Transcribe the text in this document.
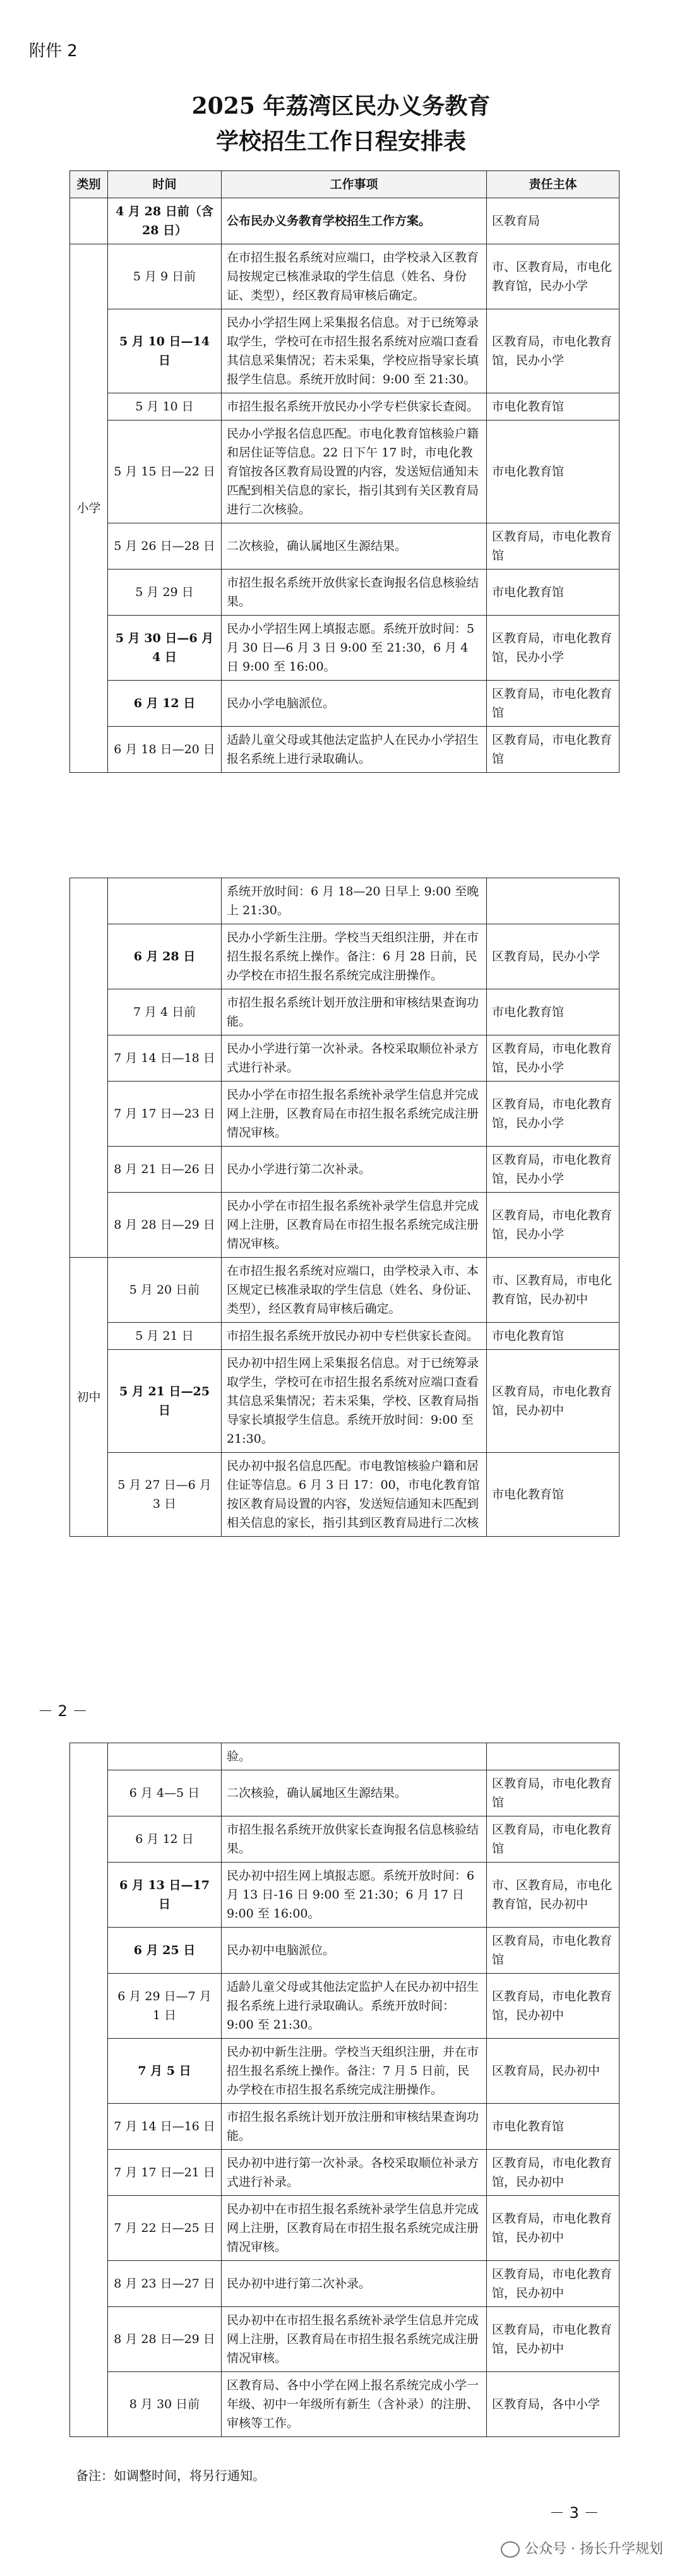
附件 2
2025 年荔湾区民办义务教育
学校招生工作日程安排表
类别	时间	工作事项	责任主体
	4 月 28 日前（含 28 日）	公布民办义务教育学校招生工作方案。	区教育局
小学	5 月 9 日前	在市招生报名系统对应端口，由学校录入区教育局按规定已核准录取的学生信息（姓名、身份证、类型），经区教育局审核后确定。	市、区教育局，市电化教育馆，民办小学
	5 月 10 日—14 日	民办小学招生网上采集报名信息。对于已统筹录取学生，学校可在市招生报名系统对应端口查看其信息采集情况；若未采集，学校应指导家长填报学生信息。系统开放时间：9:00 至 21:30。	区教育局，市电化教育馆，民办小学
	5 月 10 日	市招生报名系统开放民办小学专栏供家长查阅。	市电化教育馆
	5 月 15 日—22 日	民办小学报名信息匹配。市电化教育馆核验户籍和居住证等信息。22 日下午 17 时，市电化教育馆按各区教育局设置的内容，发送短信通知未匹配到相关信息的家长，指引其到有关区教育局进行二次核验。	市电化教育馆
	5 月 26 日—28 日	二次核验，确认属地区生源结果。	区教育局，市电化教育馆
	5 月 29 日	市招生报名系统开放供家长查询报名信息核验结果。	市电化教育馆
	5 月 30 日—6 月 4 日	民办小学招生网上填报志愿。系统开放时间：5 月 30 日—6 月 3 日 9:00 至 21:30，6 月 4 日 9:00 至 16:00。	区教育局，市电化教育馆，民办小学
	6 月 12 日	民办小学电脑派位。	区教育局，市电化教育馆
	6 月 18 日—20 日	适龄儿童父母或其他法定监护人在民办小学招生报名系统上进行录取确认。	区教育局，市电化教育馆
		系统开放时间：6 月 18—20 日早上 9:00 至晚上 21:30。	
	6 月 28 日	民办小学新生注册。学校当天组织注册，并在市招生报名系统上操作。备注：6 月 28 日前，民办学校在市招生报名系统完成注册操作。	区教育局，民办小学
	7 月 4 日前	市招生报名系统计划开放注册和审核结果查询功能。	市电化教育馆
	7 月 14 日—18 日	民办小学进行第一次补录。各校采取顺位补录方式进行补录。	区教育局，市电化教育馆，民办小学
	7 月 17 日—23 日	民办小学在市招生报名系统补录学生信息并完成网上注册，区教育局在市招生报名系统完成注册情况审核。	区教育局，市电化教育馆，民办小学
	8 月 21 日—26 日	民办小学进行第二次补录。	区教育局，市电化教育馆，民办小学
	8 月 28 日—29 日	民办小学在市招生报名系统补录学生信息并完成网上注册，区教育局在市招生报名系统完成注册情况审核。	区教育局，市电化教育馆，民办小学
初中	5 月 20 日前	在市招生报名系统对应端口，由学校录入市、本区规定已核准录取的学生信息（姓名、身份证、类型），经区教育局审核后确定。	市、区教育局，市电化教育馆，民办初中
	5 月 21 日	市招生报名系统开放民办初中专栏供家长查阅。	市电化教育馆
	5 月 21 日—25 日	民办初中招生网上采集报名信息。对于已统筹录取学生，学校可在市招生报名系统对应端口查看其信息采集情况；若未采集，学校、区教育局指导家长填报学生信息。系统开放时间：9:00 至 21:30。	区教育局，市电化教育馆，民办初中
	5 月 27 日—6 月 3 日	民办初中报名信息匹配。市电教馆核验户籍和居住证等信息。6 月 3 日 17：00，市电化教育馆按区教育局设置的内容，发送短信通知未匹配到相关信息的家长，指引其到区教育局进行二次核	市电化教育馆
－ 2 －
		验。	
	6 月 4—5 日	二次核验，确认属地区生源结果。	区教育局，市电化教育馆
	6 月 12 日	市招生报名系统开放供家长查询报名信息核验结果。	区教育局，市电化教育馆
	6 月 13 日—17 日	民办初中招生网上填报志愿。系统开放时间：6 月 13 日-16 日 9:00 至 21:30；6 月 17 日 9:00 至 16:00。	市、区教育局，市电化教育馆，民办初中
	6 月 25 日	民办初中电脑派位。	区教育局，市电化教育馆
	6 月 29 日—7 月 1 日	适龄儿童父母或其他法定监护人在民办初中招生报名系统上进行录取确认。系统开放时间：9:00 至 21:30。	区教育局，市电化教育馆，民办初中
	7 月 5 日	民办初中新生注册。学校当天组织注册，并在市招生报名系统上操作。备注：7 月 5 日前，民办学校在市招生报名系统完成注册操作。	区教育局，民办初中
	7 月 14 日—16 日	市招生报名系统计划开放注册和审核结果查询功能。	市电化教育馆
	7 月 17 日—21 日	民办初中进行第一次补录。各校采取顺位补录方式进行补录。	区教育局，市电化教育馆，民办初中
	7 月 22 日—25 日	民办初中在市招生报名系统补录学生信息并完成网上注册，区教育局在市招生报名系统完成注册情况审核。	区教育局，市电化教育馆，民办初中
	8 月 23 日—27 日	民办初中进行第二次补录。	区教育局，市电化教育馆，民办初中
	8 月 28 日—29 日	民办初中在市招生报名系统补录学生信息并完成网上注册，区教育局在市招生报名系统完成注册情况审核。	区教育局，市电化教育馆，民办初中
	8 月 30 日前	区教育局、各中小学在网上报名系统完成小学一年级、初中一年级所有新生（含补录）的注册、审核等工作。	区教育局，各中小学
备注：如调整时间，将另行通知。
－ 3 －
公众号 · 扬长升学规划
